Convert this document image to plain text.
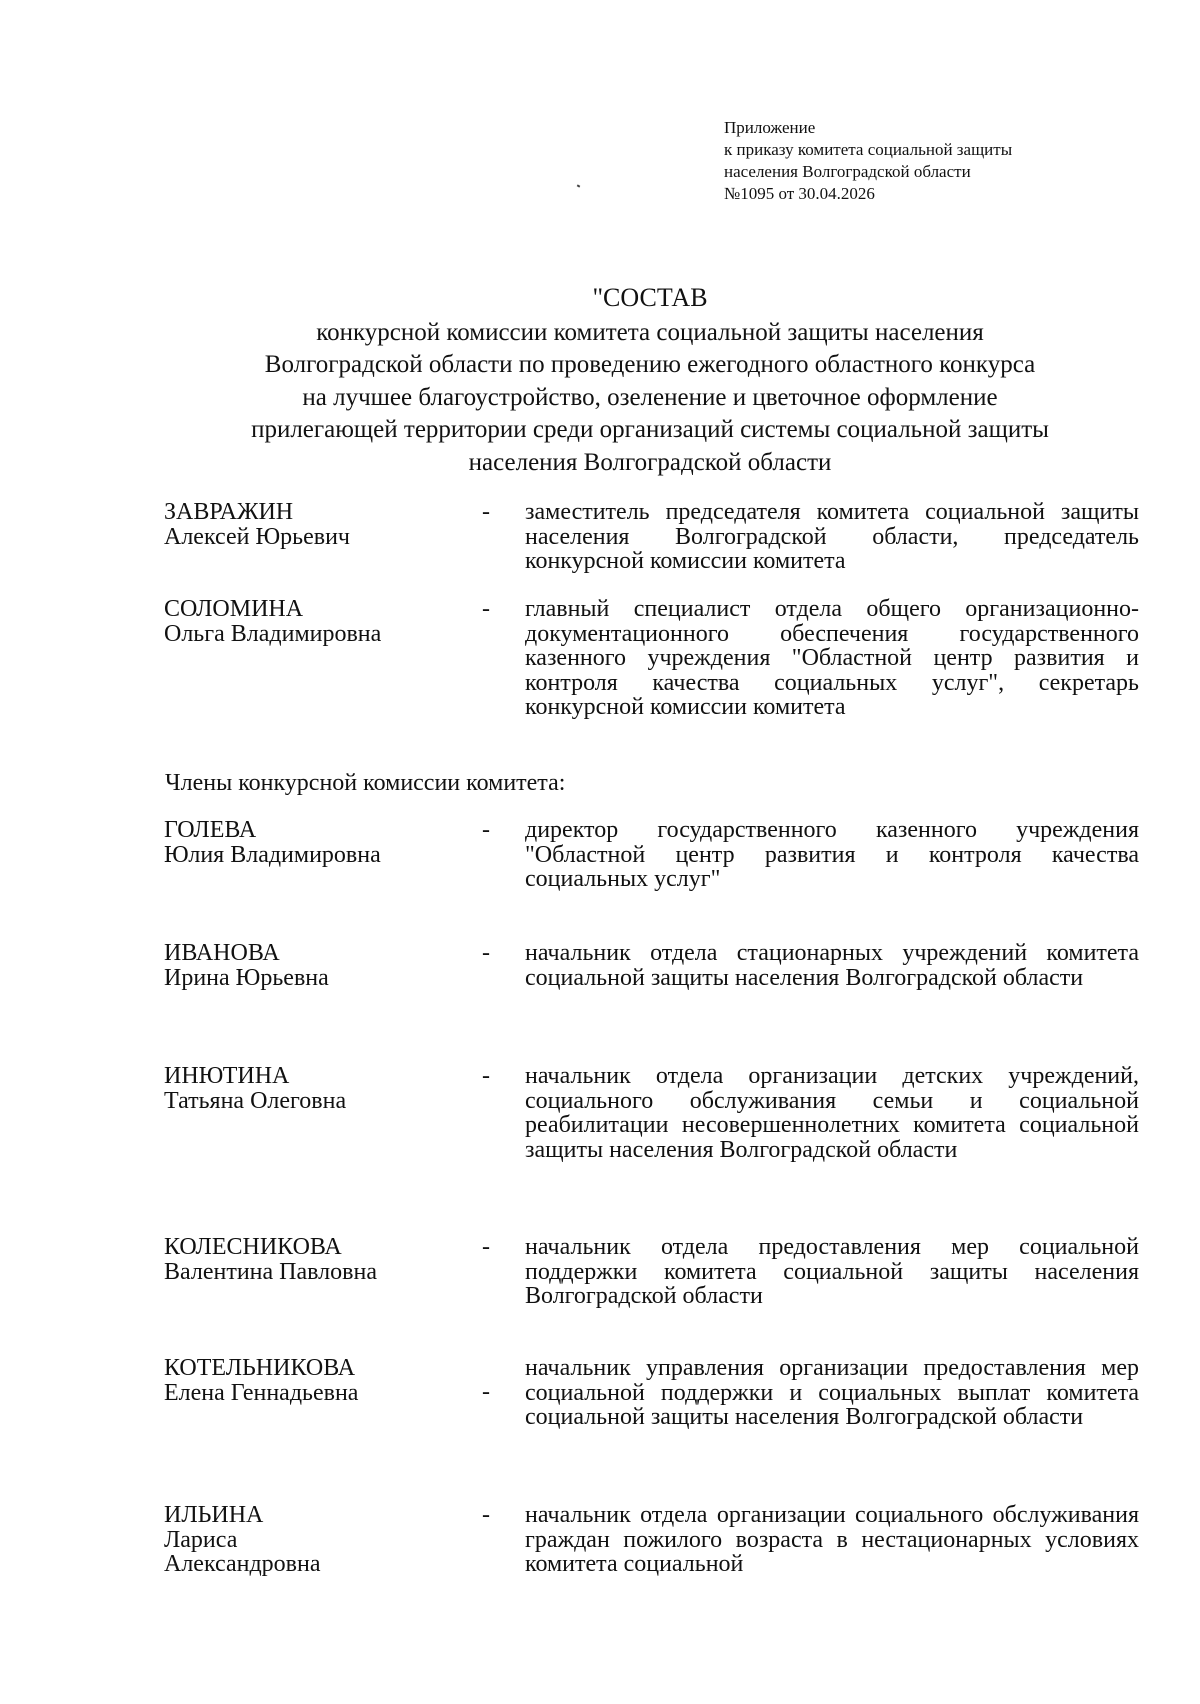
Приложение
к приказу комитета социальной защиты
населения Волгоградской области
№1095 от 30.04.2026
"СОСТАВ
конкурсной комиссии комитета социальной защиты населения
Волгоградской области по проведению ежегодного областного конкурса
на лучшее благоустройство, озеленение и цветочное оформление
прилегающей территории среди организаций системы социальной защиты
населения Волгоградской области
ЗАВРАЖИН
Алексей Юрьевич
- заместитель председателя комитета социальной защиты населения Волгоградской области, председатель конкурсной комиссии комитета
СОЛОМИНА
Ольга Владимировна
- главный специалист отдела общего организационно-документационного обеспечения государственного казенного учреждения "Областной центр развития и контроля качества социальных услуг", секретарь конкурсной комиссии комитета
Члены конкурсной комиссии комитета:
ГОЛЕВА
Юлия Владимировна
- директор государственного казенного учреждения "Областной центр развития и контроля качества социальных услуг"
ИВАНОВА
Ирина Юрьевна
- начальник отдела стационарных учреждений комитета социальной защиты населения Волгоградской области
ИНЮТИНА
Татьяна Олеговна
- начальник отдела организации детских учреждений, социального обслуживания семьи и социальной реабилитации несовершеннолетних комитета социальной защиты населения Волгоградской области
КОЛЕСНИКОВА
Валентина Павловна
- начальник отдела предоставления мер социальной поддержки комитета социальной защиты населения Волгоградской области
КОТЕЛЬНИКОВА
Елена Геннадьевна	-
начальник управления организации предоставления мер социальной поддержки и социальных выплат комитета социальной защиты населения Волгоградской области
ИЛЬИНА
Лариса
Александровна
- начальник отдела организации социального обслуживания граждан пожилого возраста в нестационарных условиях комитета социальной
